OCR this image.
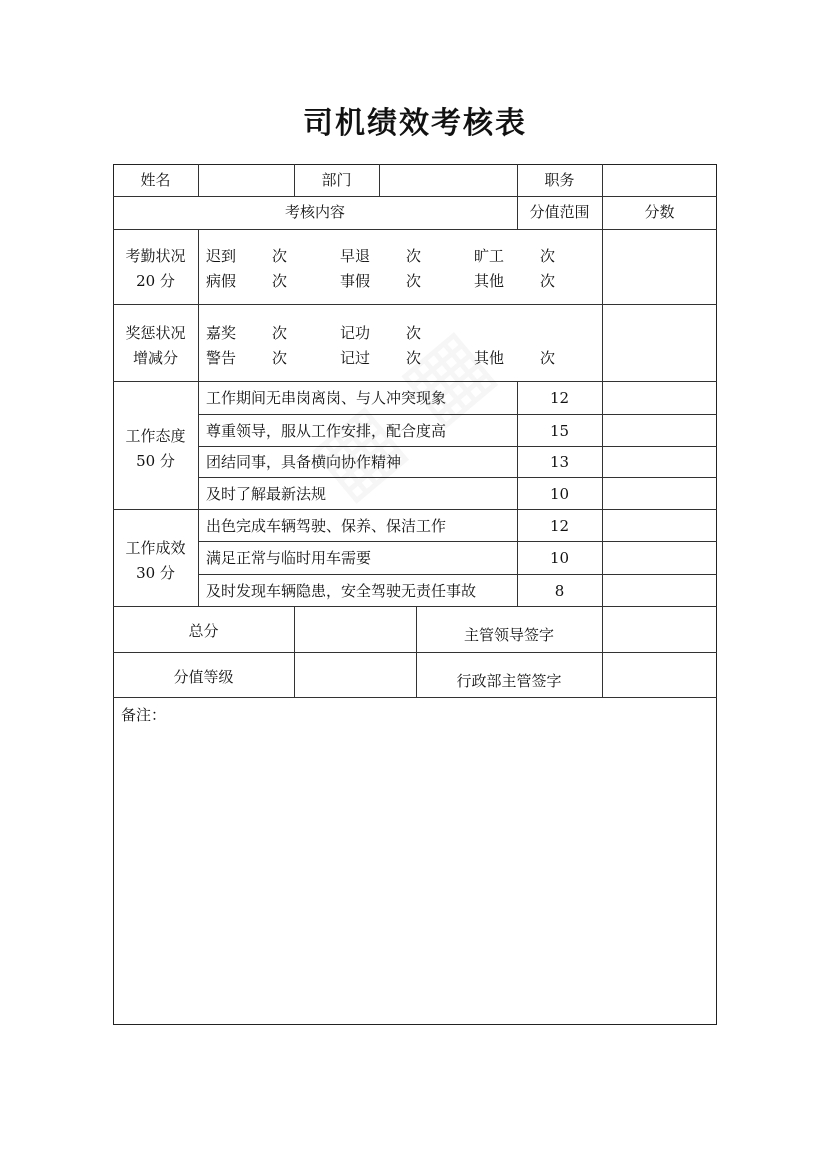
司机绩效考核表
姓名	部门	职务
考核内容	分值范围	分数
考勤状况
20 分
迟到 次	早退 次	旷工 次
病假 次	事假 次	其他 次
奖惩状况
增减分
嘉奖 次	记功 次
警告 次	记过 次	其他 次
工作态度
50 分
工作期间无串岗离岗、与人冲突现象	12
尊重领导，服从工作安排，配合度高	15
团结同事，具备横向协作精神	13
及时了解最新法规	10
工作成效
30 分
出色完成车辆驾驶、保养、保洁工作	12
满足正常与临时用车需要	10
及时发现车辆隐患，安全驾驶无责任事故	8
总分	主管领导签字
分值等级	行政部主管签字
备注：
